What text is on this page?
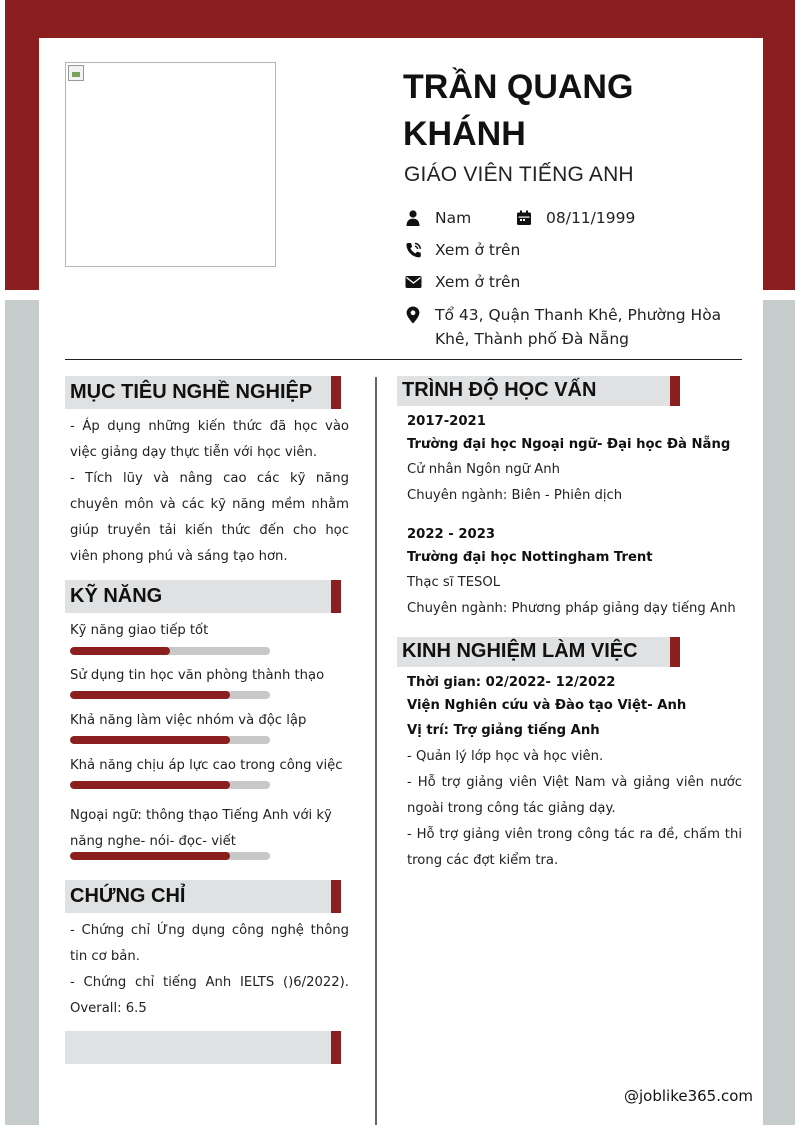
TRẦN QUANG KHÁNH
GIÁO VIÊN TIẾNG ANH
Nam	08/11/1999
Xem ở trên
Xem ở trên
Tổ 43, Quận Thanh Khê, Phường Hòa Khê, Thành phố Đà Nẵng
MỤC TIÊU NGHỀ NGHIỆP

- Áp dụng những kiến thức đã học vào việc giảng dạy thực tiễn với học viên.

- Tích lũy và nâng cao các kỹ năng chuyên môn và các kỹ năng mềm nhằm giúp truyền tải kiến thức đến cho học viên phong phú và sáng tạo hơn.

KỸ NĂNG
Kỹ năng giao tiếp tốt
Sử dụng tin học văn phòng thành thạo
Khả năng làm việc nhóm và độc lập
Khả năng chịu áp lực cao trong công việc
Ngoại ngữ: thông thạo Tiếng Anh với kỹ năng nghe- nói- đọc- viết
CHỨNG CHỈ

- Chứng chỉ Ứng dụng công nghệ thông tin cơ bản.

- Chứng chỉ tiếng Anh IELTS ()6/2022). Overall: 6.5

TRÌNH ĐỘ HỌC VẤN
2017-2021
Trường đại học Ngoại ngữ- Đại học Đà Nẵng
Cử nhân Ngôn ngữ Anh
Chuyên ngành: Biên - Phiên dịch
2022 - 2023
Trường đại học Nottingham Trent
Thạc sĩ TESOL
Chuyên ngành: Phương pháp giảng dạy tiếng Anh
KINH NGHIỆM LÀM VIỆC
Thời gian: 02/2022- 12/2022
Viện Nghiên cứu và Đào tạo Việt- Anh
Vị trí: Trợ giảng tiếng Anh

- Quản lý lớp học và học viên.

- Hỗ trợ giảng viên Việt Nam và giảng viên nước ngoài trong công tác giảng dạy.

- Hỗ trợ giảng viên trong công tác ra đề, chấm thi trong các đợt kiểm tra.

@joblike365.com
